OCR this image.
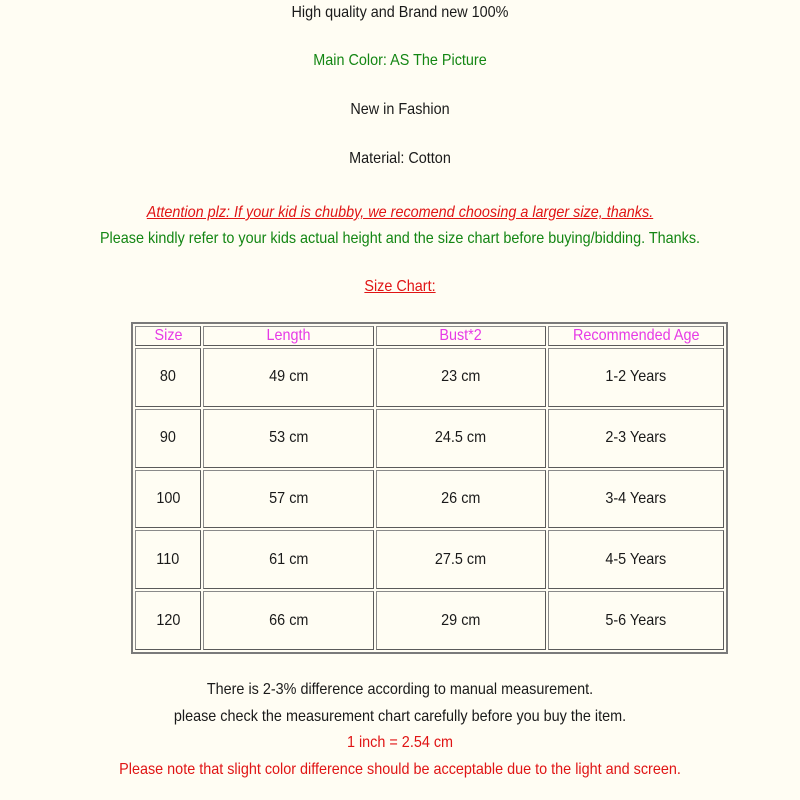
High quality and Brand new 100%
Main Color: AS The Picture
New in Fashion
Material: Cotton
Attention plz: If your kid is chubby, we recomend choosing a larger size, thanks.
Please kindly refer to your kids actual height and the size chart before buying/bidding. Thanks.
Size Chart:
Size	Length	Bust*2	Recommended Age
80	49 cm	23 cm	1-2 Years
90	53 cm	24.5 cm	2-3 Years
100	57 cm	26 cm	3-4 Years
110	61 cm	27.5 cm	4-5 Years
120	66 cm	29 cm	5-6 Years
There is 2-3% difference according to manual measurement.
please check the measurement chart carefully before you buy the item.
1 inch = 2.54 cm
Please note that slight color difference should be acceptable due to the light and screen.
